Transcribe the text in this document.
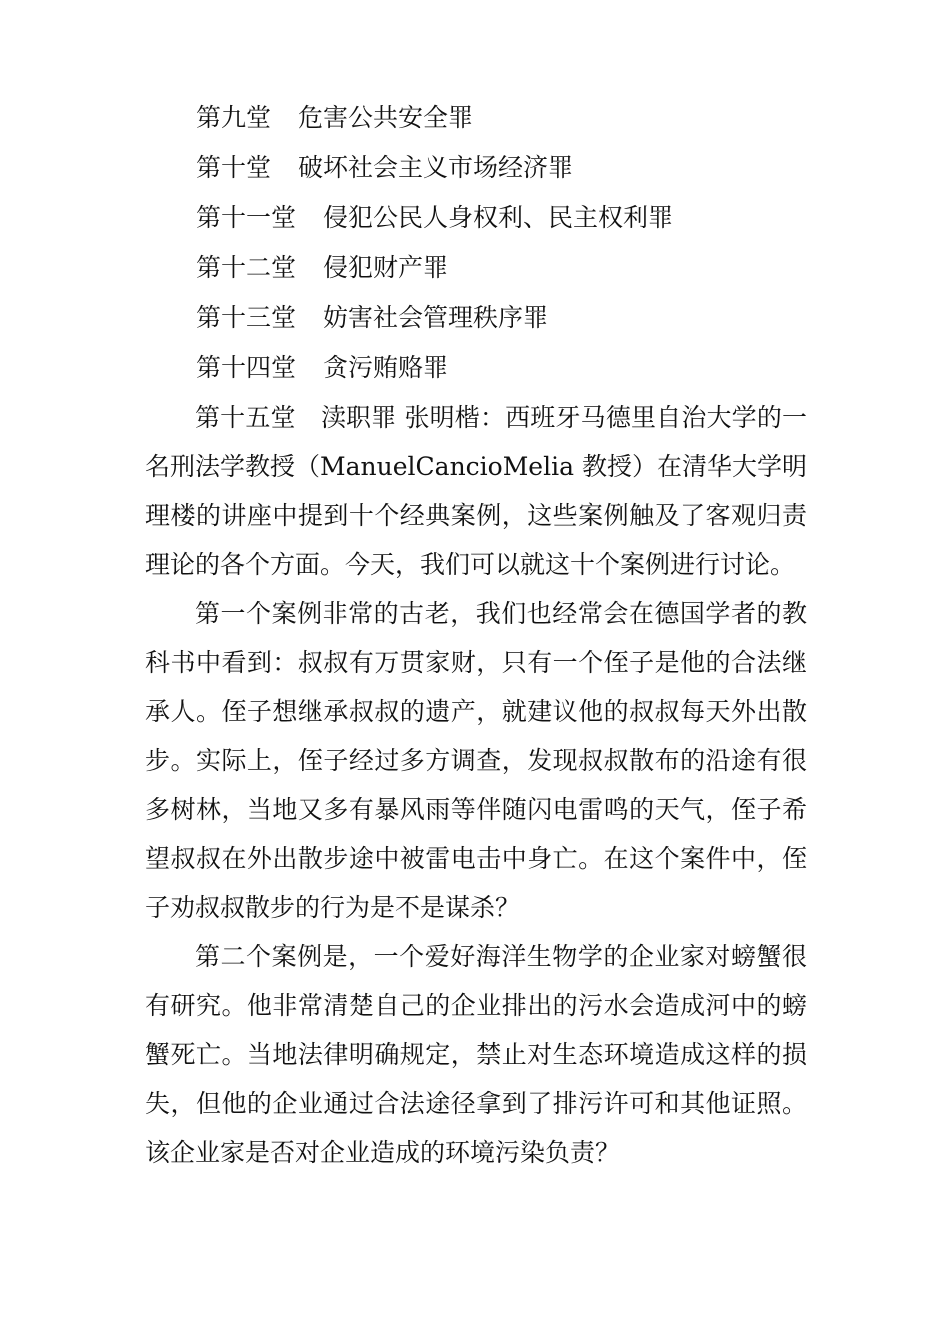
第九堂 危害公共安全罪
第十堂 破坏社会主义市场经济罪
第十一堂 侵犯公民人身权利、民主权利罪
第十二堂 侵犯财产罪
第十三堂 妨害社会管理秩序罪
第十四堂 贪污贿赂罪

第十五堂　渎职罪 张明楷：西班牙马德里自治大学的一名刑法学教授（ManuelCancioMelia 教授）在清华大学明理楼的讲座中提到十个经典案例，这些案例触及了客观归责理论的各个方面。今天，我们可以就这十个案例进行讨论。

第一个案例非常的古老，我们也经常会在德国学者的教科书中看到：叔叔有万贯家财，只有一个侄子是他的合法继承人。侄子想继承叔叔的遗产，就建议他的叔叔每天外出散步。实际上，侄子经过多方调查，发现叔叔散布的沿途有很多树林，当地又多有暴风雨等伴随闪电雷鸣的天气，侄子希望叔叔在外出散步途中被雷电击中身亡。在这个案件中，侄子劝叔叔散步的行为是不是谋杀？

第二个案例是，一个爱好海洋生物学的企业家对螃蟹很有研究。他非常清楚自己的企业排出的污水会造成河中的螃蟹死亡。当地法律明确规定，禁止对生态环境造成这样的损失，但他的企业通过合法途径拿到了排污许可和其他证照。该企业家是否对企业造成的环境污染负责？
